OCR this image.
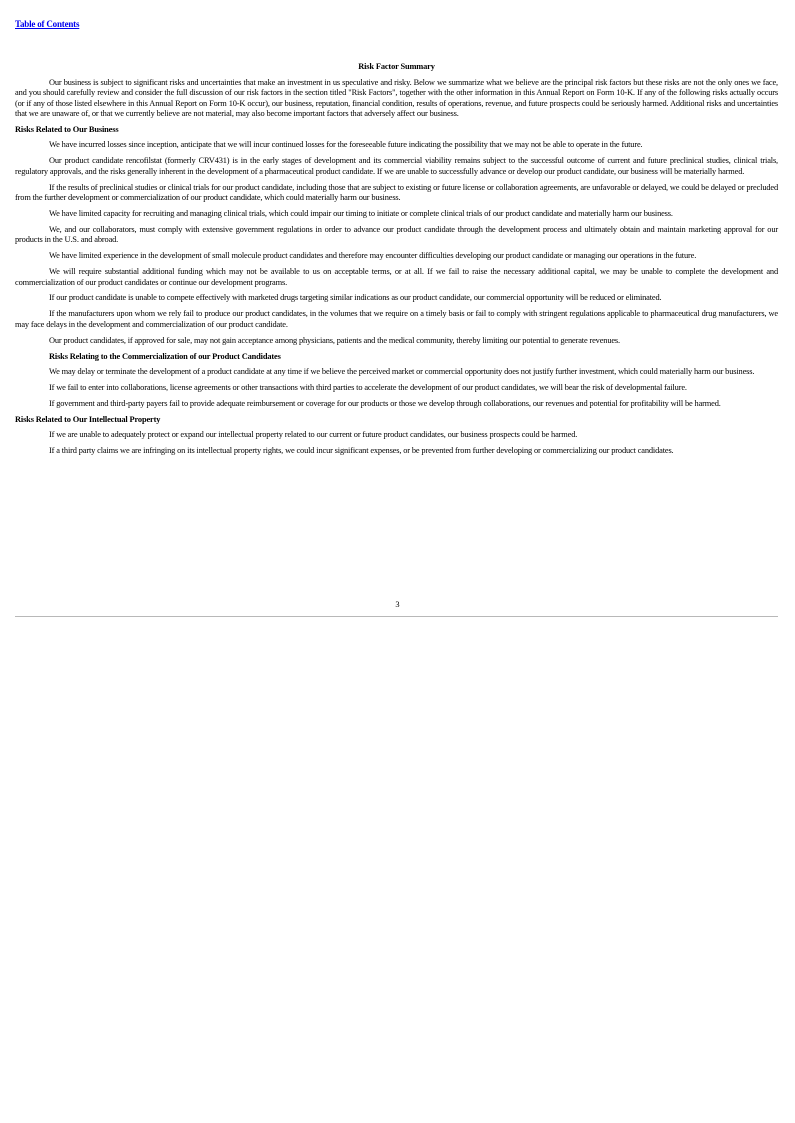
Table of Contents

Risk Factor Summary

Our business is subject to significant risks and uncertainties that make an investment in us speculative and risky. Below we summarize what we believe are the principal risk factors but these risks are not the only ones we face, and you should carefully review and consider the full discussion of our risk factors in the section titled "Risk Factors", together with the other information in this Annual Report on Form 10-K. If any of the following risks actually occurs (or if any of those listed elsewhere in this Annual Report on Form 10-K occur), our business, reputation, financial condition, results of operations, revenue, and future prospects could be seriously harmed. Additional risks and uncertainties that we are unaware of, or that we currently believe are not material, may also become important factors that adversely affect our business.

Risks Related to Our Business

We have incurred losses since inception, anticipate that we will incur continued losses for the foreseeable future indicating the possibility that we may not be able to operate in the future.

Our product candidate rencofilstat (formerly CRV431) is in the early stages of development and its commercial viability remains subject to the successful outcome of current and future preclinical studies, clinical trials, regulatory approvals, and the risks generally inherent in the development of a pharmaceutical product candidate. If we are unable to successfully advance or develop our product candidate, our business will be materially harmed.

If the results of preclinical studies or clinical trials for our product candidate, including those that are subject to existing or future license or collaboration agreements, are unfavorable or delayed, we could be delayed or precluded from the further development or commercialization of our product candidate, which could materially harm our business.

We have limited capacity for recruiting and managing clinical trials, which could impair our timing to initiate or complete clinical trials of our product candidate and materially harm our business.

We, and our collaborators, must comply with extensive government regulations in order to advance our product candidate through the development process and ultimately obtain and maintain marketing approval for our products in the U.S. and abroad.

We have limited experience in the development of small molecule product candidates and therefore may encounter difficulties developing our product candidate or managing our operations in the future.

We will require substantial additional funding which may not be available to us on acceptable terms, or at all. If we fail to raise the necessary additional capital, we may be unable to complete the development and commercialization of our product candidates or continue our development programs.

If our product candidate is unable to compete effectively with marketed drugs targeting similar indications as our product candidate, our commercial opportunity will be reduced or eliminated.

If the manufacturers upon whom we rely fail to produce our product candidates, in the volumes that we require on a timely basis or fail to comply with stringent regulations applicable to pharmaceutical drug manufacturers, we may face delays in the development and commercialization of our product candidate.

Our product candidates, if approved for sale, may not gain acceptance among physicians, patients and the medical community, thereby limiting our potential to generate revenues.

Risks Relating to the Commercialization of our Product Candidates

We may delay or terminate the development of a product candidate at any time if we believe the perceived market or commercial opportunity does not justify further investment, which could materially harm our business.

If we fail to enter into collaborations, license agreements or other transactions with third parties to accelerate the development of our product candidates, we will bear the risk of developmental failure.

If government and third-party payers fail to provide adequate reimbursement or coverage for our products or those we develop through collaborations, our revenues and potential for profitability will be harmed.

Risks Related to Our Intellectual Property

If we are unable to adequately protect or expand our intellectual property related to our current or future product candidates, our business prospects could be harmed.

If a third party claims we are infringing on its intellectual property rights, we could incur significant expenses, or be prevented from further developing or commercializing our product candidates.

3
